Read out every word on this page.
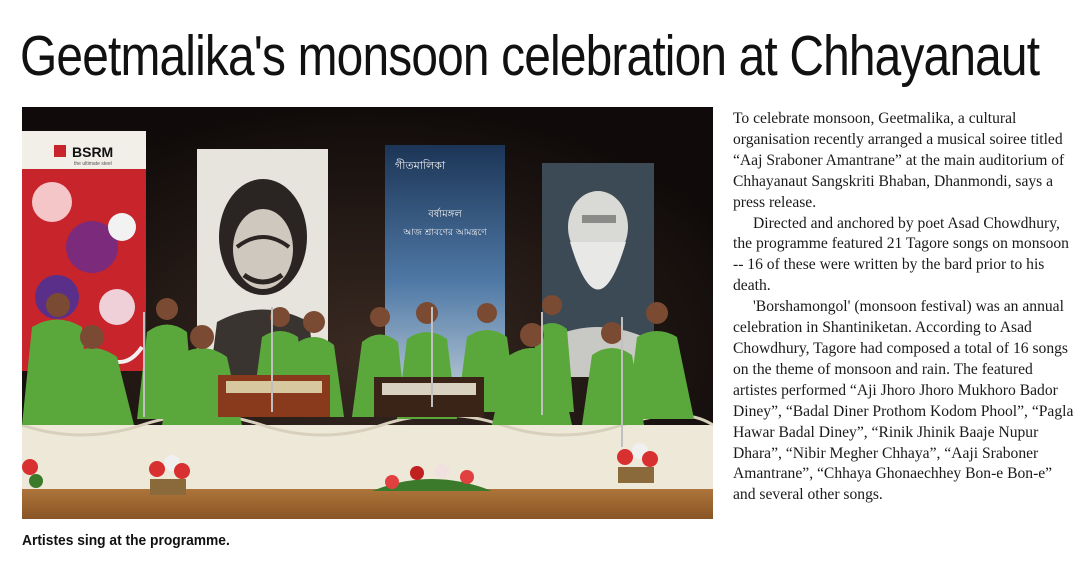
Geetmalika's monsoon celebration at Chhayanaut
BSRM
the ultimate steel	গীতমালিকা
বর্ষামঙ্গল
আজ শ্রাবণের আমন্ত্রণে

Artistes sing at the programme.

To celebrate monsoon, Geetmalika, a cultural organisation recently arranged a musical soiree titled “Aaj Sraboner Amantrane” at the main auditorium of Chhayanaut Sangskriti Bhaban, Dhanmondi, says a press release.

Directed and anchored by poet Asad Chowdhury, the programme featured 21 Tagore songs on monsoon -- 16 of these were written by the bard prior to his death.

'Borshamongol' (monsoon festival) was an annual celebration in Shantiniketan. According to Asad Chowdhury, Tagore had composed a total of 16 songs on the theme of monsoon and rain. The featured artistes performed “Aji Jhoro Jhoro Mukhoro Bador Diney”, “Badal Diner Prothom Kodom Phool”, “Pagla Hawar Badal Diney”, “Rinik Jhinik Baaje Nupur Dhara”, “Nibir Megher Chhaya”, “Aaji Sraboner Amantrane”, “Chhaya Ghonaechhey Bon-e Bon-e” and several other songs.
